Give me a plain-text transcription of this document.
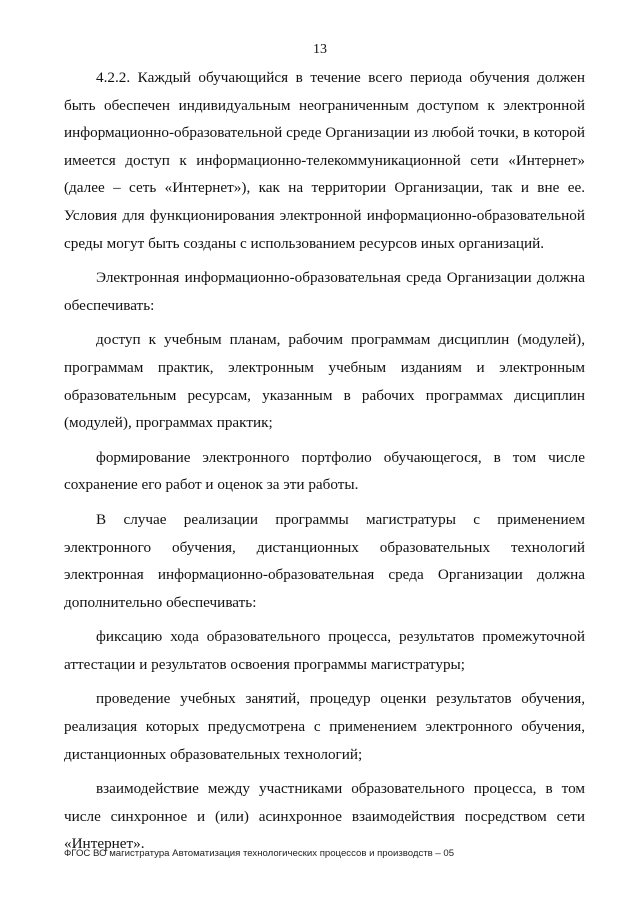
13

4.2.2. Каждый обучающийся в течение всего периода обучения должен быть обеспечен индивидуальным неограниченным доступом к электронной информационно-образовательной среде Организации из любой точки, в которой имеется доступ к информационно-телекоммуникационной сети «Интернет» (далее – сеть «Интернет»), как на территории Организации, так и вне ее. Условия для функционирования электронной информационно-образовательной среды могут быть созданы с использованием ресурсов иных организаций.

Электронная информационно-образовательная среда Организации должна обеспечивать:

доступ к учебным планам, рабочим программам дисциплин (модулей), программам практик, электронным учебным изданиям и электронным образовательным ресурсам, указанным в рабочих программах дисциплин (модулей), программах практик;

формирование электронного портфолио обучающегося, в том числе сохранение его работ и оценок за эти работы.

В случае реализации программы магистратуры с применением электронного обучения, дистанционных образовательных технологий электронная информационно-образовательная среда Организации должна дополнительно обеспечивать:

фиксацию хода образовательного процесса, результатов промежуточной аттестации и результатов освоения программы магистратуры;

проведение учебных занятий, процедур оценки результатов обучения, реализация которых предусмотрена с применением электронного обучения, дистанционных образовательных технологий;

взаимодействие между участниками образовательного процесса, в том числе синхронное и (или) асинхронное взаимодействия посредством сети «Интернет».

ФГОС ВО магистратура Автоматизация технологических процессов и производств – 05
